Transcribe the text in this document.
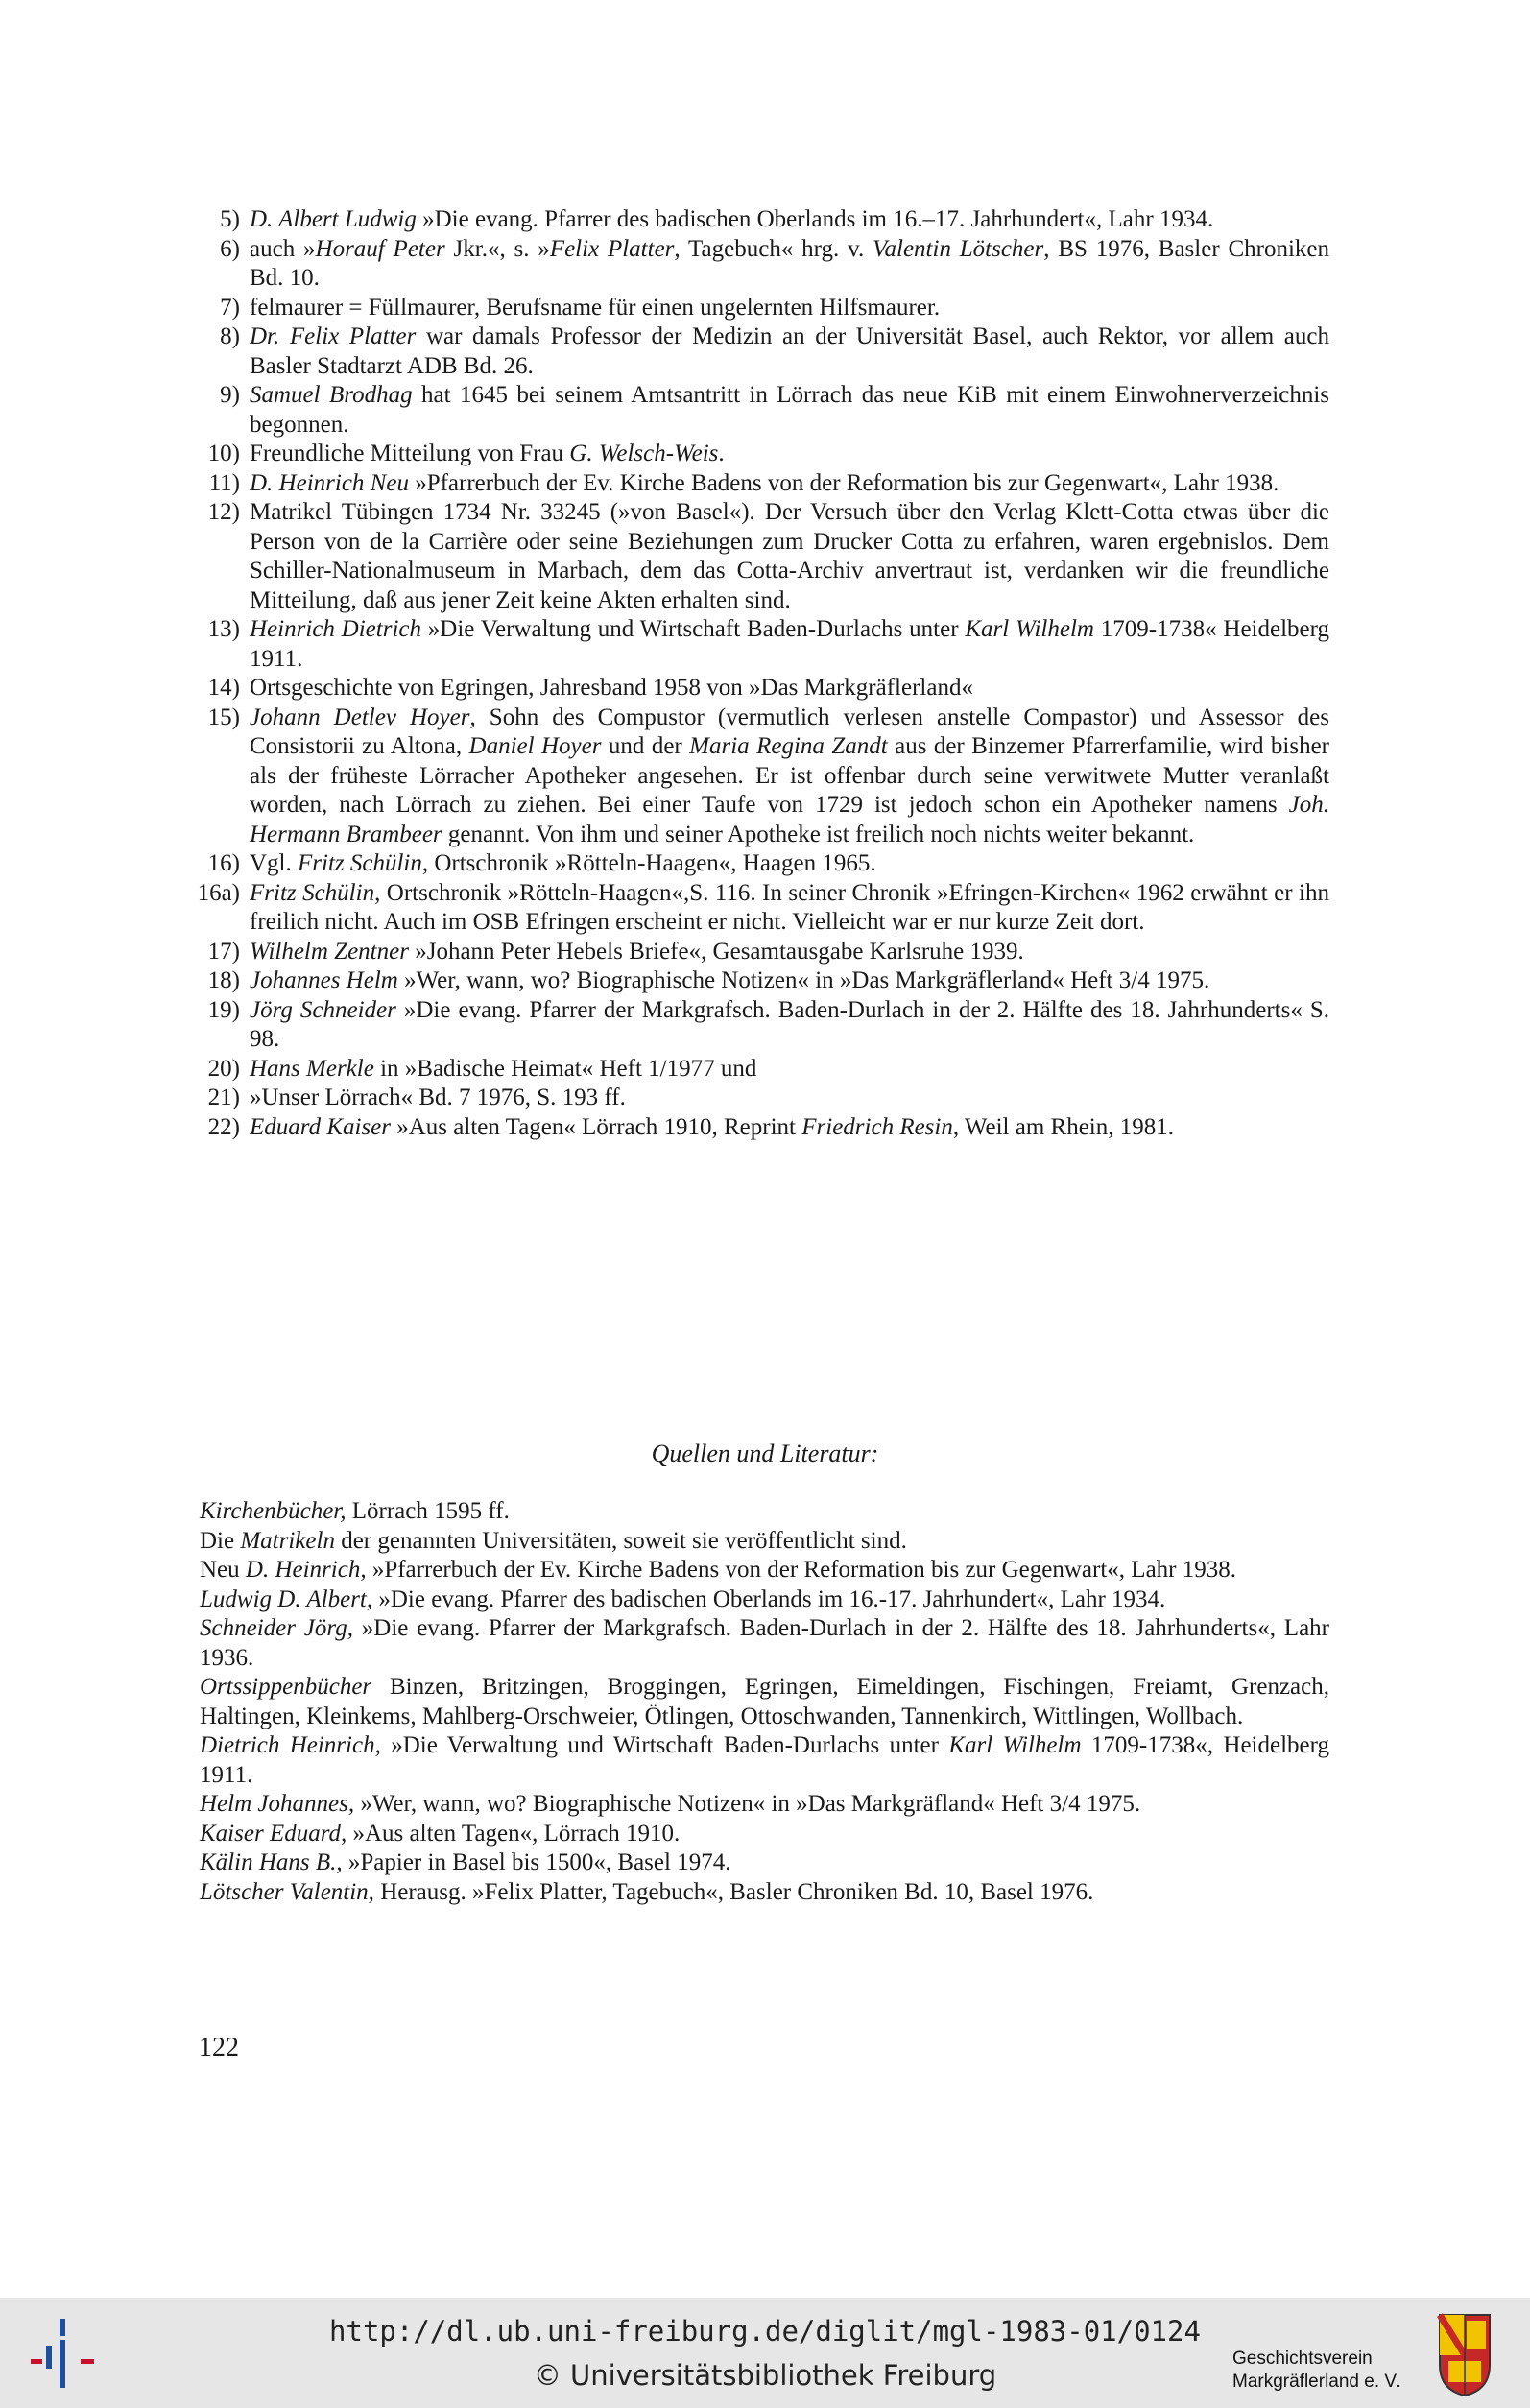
5) D. Albert Ludwig »Die evang. Pfarrer des badischen Oberlands im 16.–17. Jahrhundert«, Lahr 1934.
6) auch »Horauf Peter Jkr.«, s. »Felix Platter, Tagebuch« hrg. v. Valentin Lötscher, BS 1976, Basler Chroniken Bd. 10.
7) felmaurer = Füllmaurer, Berufsname für einen ungelernten Hilfsmaurer.
8) Dr. Felix Platter war damals Professor der Medizin an der Universität Basel, auch Rektor, vor allem auch Basler Stadtarzt ADB Bd. 26.
9) Samuel Brodhag hat 1645 bei seinem Amtsantritt in Lörrach das neue KiB mit einem Einwohnerverzeichnis begonnen.
10) Freundliche Mitteilung von Frau G. Welsch-Weis.
11) D. Heinrich Neu »Pfarrerbuch der Ev. Kirche Badens von der Reformation bis zur Gegenwart«, Lahr 1938.
12) Matrikel Tübingen 1734 Nr. 33245 (»von Basel«). Der Versuch über den Verlag Klett-Cotta etwas über die Person von de la Carrière oder seine Beziehungen zum Drucker Cotta zu erfahren, waren ergebnislos. Dem Schiller-Nationalmuseum in Marbach, dem das Cotta-Archiv anvertraut ist, verdanken wir die freundliche Mitteilung, daß aus jener Zeit keine Akten erhalten sind.
13) Heinrich Dietrich »Die Verwaltung und Wirtschaft Baden-Durlachs unter Karl Wilhelm 1709-1738« Heidelberg 1911.
14) Ortsgeschichte von Egringen, Jahresband 1958 von »Das Markgräflerland«
15) Johann Detlev Hoyer, Sohn des Compustor (vermutlich verlesen anstelle Compastor) und Assessor des Consistorii zu Altona, Daniel Hoyer und der Maria Regina Zandt aus der Binzemer Pfarrerfamilie, wird bisher als der früheste Lörracher Apotheker angesehen. Er ist offenbar durch seine verwitwete Mutter veranlaßt worden, nach Lörrach zu ziehen. Bei einer Taufe von 1729 ist jedoch schon ein Apotheker namens Joh. Hermann Brambeer genannt. Von ihm und seiner Apotheke ist freilich noch nichts weiter bekannt.
16) Vgl. Fritz Schülin, Ortschronik »Rötteln-Haagen«, Haagen 1965.
16a) Fritz Schülin, Ortschronik »Rötteln-Haagen«,S. 116. In seiner Chronik »Efringen-Kirchen« 1962 erwähnt er ihn freilich nicht. Auch im OSB Efringen erscheint er nicht. Vielleicht war er nur kurze Zeit dort.
17) Wilhelm Zentner »Johann Peter Hebels Briefe«, Gesamtausgabe Karlsruhe 1939.
18) Johannes Helm »Wer, wann, wo? Biographische Notizen« in »Das Markgräflerland« Heft 3/4 1975.
19) Jörg Schneider »Die evang. Pfarrer der Markgrafsch. Baden-Durlach in der 2. Hälfte des 18. Jahrhunderts« S. 98.
20) Hans Merkle in »Badische Heimat« Heft 1/1977 und
21) »Unser Lörrach« Bd. 7 1976, S. 193 ff.
22) Eduard Kaiser »Aus alten Tagen« Lörrach 1910, Reprint Friedrich Resin, Weil am Rhein, 1981.
Quellen und Literatur:
Kirchenbücher, Lörrach 1595 ff.
Die Matrikeln der genannten Universitäten, soweit sie veröffentlicht sind.
Neu D. Heinrich, »Pfarrerbuch der Ev. Kirche Badens von der Reformation bis zur Gegenwart«, Lahr 1938.
Ludwig D. Albert, »Die evang. Pfarrer des badischen Oberlands im 16.-17. Jahrhundert«, Lahr 1934.
Schneider Jörg, »Die evang. Pfarrer der Markgrafsch. Baden-Durlach in der 2. Hälfte des 18. Jahrhunderts«, Lahr 1936.
Ortssippenbücher Binzen, Britzingen, Broggingen, Egringen, Eimeldingen, Fischingen, Freiamt, Grenzach, Haltingen, Kleinkems, Mahlberg-Orschweier, Ötlingen, Ottoschwanden, Tannenkirch, Wittlingen, Wollbach.
Dietrich Heinrich, »Die Verwaltung und Wirtschaft Baden-Durlachs unter Karl Wilhelm 1709-1738«, Heidelberg 1911.
Helm Johannes, »Wer, wann, wo? Biographische Notizen« in »Das Markgräfland« Heft 3/4 1975.
Kaiser Eduard, »Aus alten Tagen«, Lörrach 1910.
Kälin Hans B., »Papier in Basel bis 1500«, Basel 1974.
Lötscher Valentin, Herausg. »Felix Platter, Tagebuch«, Basler Chroniken Bd. 10, Basel 1976.
122
http://dl.ub.uni-freiburg.de/diglit/mgl-1983-01/0124
© Universitätsbibliothek Freiburg
Geschichtsverein
Markgräflerland e. V.
